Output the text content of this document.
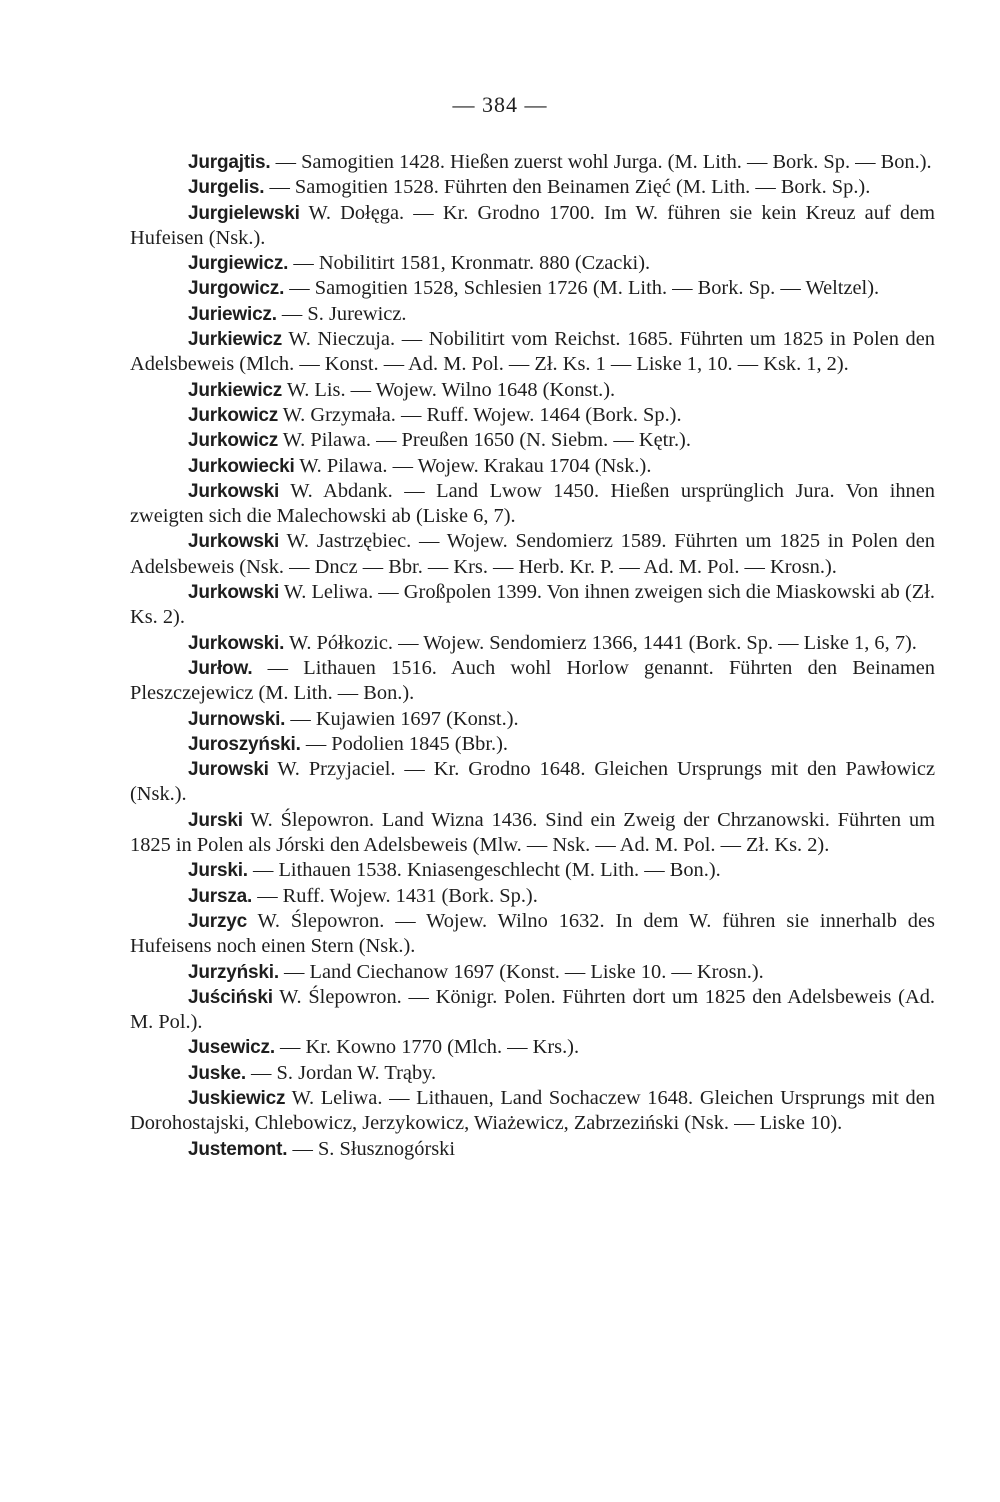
— 384 —

Jurgajtis. — Samogitien 1428. Hießen zuerst wohl Jurga. (M. Lith. — Bork. Sp. — Bon.).

Jurgelis. — Samogitien 1528. Führten den Beinamen Zięć (M. Lith. — Bork. Sp.).

Jurgielewski W. Dołęga. — Kr. Grodno 1700. Im W. führen sie kein Kreuz auf dem Hufeisen (Nsk.).

Jurgiewicz. — Nobilitirt 1581, Kronmatr. 880 (Czacki).

Jurgowicz. — Samogitien 1528, Schlesien 1726 (M. Lith. — Bork. Sp. — Weltzel).

Juriewicz. — S. Jurewicz.

Jurkiewicz W. Nieczuja. — Nobilitirt vom Reichst. 1685. Führten um 1825 in Polen den Adelsbeweis (Mlch. — Konst. — Ad. M. Pol. — Zł. Ks. 1 — Liske 1, 10. — Ksk. 1, 2).

Jurkiewicz W. Lis. — Wojew. Wilno 1648 (Konst.).

Jurkowicz W. Grzymała. — Ruff. Wojew. 1464 (Bork. Sp.).

Jurkowicz W. Pilawa. — Preußen 1650 (N. Siebm. — Kętr.).

Jurkowiecki W. Pilawa. — Wojew. Krakau 1704 (Nsk.).

Jurkowski W. Abdank. — Land Lwow 1450. Hießen ursprünglich Jura. Von ihnen zweigten sich die Malechowski ab (Liske 6, 7).

Jurkowski W. Jastrzębiec. — Wojew. Sendomierz 1589. Führten um 1825 in Polen den Adelsbeweis (Nsk. — Dncz — Bbr. — Krs. — Herb. Kr. P. — Ad. M. Pol. — Krosn.).

Jurkowski W. Leliwa. — Großpolen 1399. Von ihnen zweigen sich die Miaskowski ab (Zł. Ks. 2).

Jurkowski. W. Półkozic. — Wojew. Sendomierz 1366, 1441 (Bork. Sp. — Liske 1, 6, 7).

Jurłow. — Lithauen 1516. Auch wohl Horlow genannt. Führten den Beinamen Pleszczejewicz (M. Lith. — Bon.).

Jurnowski. — Kujawien 1697 (Konst.).

Juroszyński. — Podolien 1845 (Bbr.).

Jurowski W. Przyjaciel. — Kr. Grodno 1648. Gleichen Ursprungs mit den Pawłowicz (Nsk.).

Jurski W. Ślepowron. Land Wizna 1436. Sind ein Zweig der Chrzanowski. Führten um 1825 in Polen als Jórski den Adelsbeweis (Mlw. — Nsk. — Ad. M. Pol. — Zł. Ks. 2).

Jurski. — Lithauen 1538. Kniasengeschlecht (M. Lith. — Bon.).

Jursza. — Ruff. Wojew. 1431 (Bork. Sp.).

Jurzyc W. Ślepowron. — Wojew. Wilno 1632. In dem W. führen sie innerhalb des Hufeisens noch einen Stern (Nsk.).

Jurzyński. — Land Ciechanow 1697 (Konst. — Liske 10. — Krosn.).

Juściński W. Ślepowron. — Königr. Polen. Führten dort um 1825 den Adelsbeweis (Ad. M. Pol.).

Jusewicz. — Kr. Kowno 1770 (Mlch. — Krs.).

Juske. — S. Jordan W. Trąby.

Juskiewicz W. Leliwa. — Lithauen, Land Sochaczew 1648. Gleichen Ursprungs mit den Dorohostajski, Chlebowicz, Jerzykowicz, Wiażewicz, Zabrzeziński (Nsk. — Liske 10).

Justemont. — S. Słusznogórski
